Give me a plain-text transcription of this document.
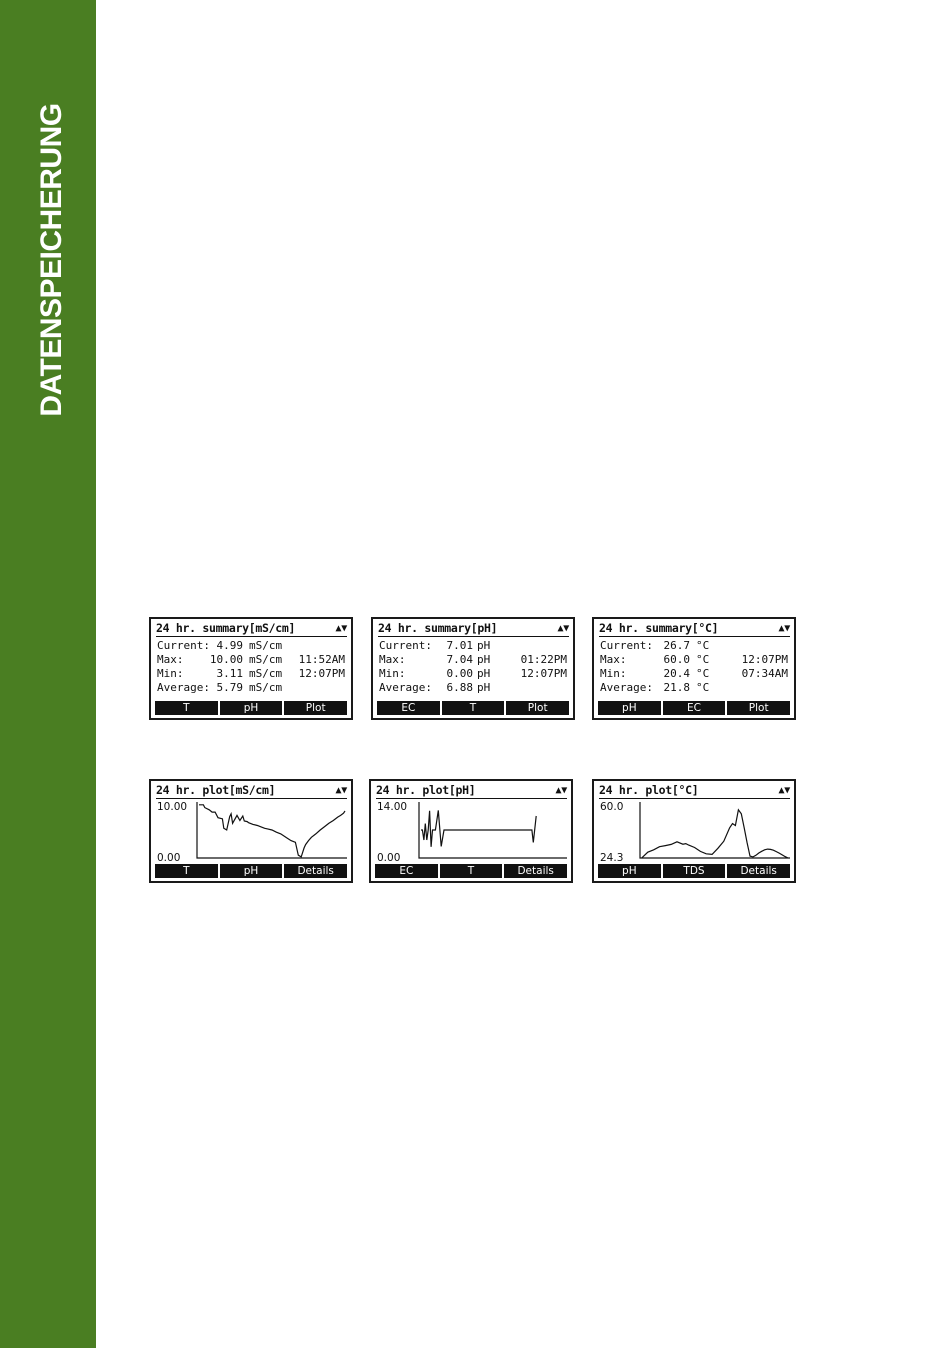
DATENSPEICHERUNG
24 hr. summary[mS/cm]	▲▼
Current: 4.99 mS/cm
Max:	10.00 mS/cm 11:52AM
Min:	3.11 mS/cm 12:07PM
Average: 5.79 mS/cm
T	pH	Plot
24 hr. summary[pH]	▲▼
Current:	7.01 pH
Max:	7.04 pH	01:22PM
Min:	0.00 pH	12:07PM
Average:	6.88 pH
EC	T	Plot
24 hr. summary[°C]	▲▼
Current: 26.7 °C
Max:	60.0 °C	12:07PM
Min:	20.4 °C	07:34AM
Average: 21.8 °C
pH	EC	Plot
24 hr. plot[mS/cm]	▲▼
10.00
0.00
T	pH	Details
24 hr. plot[pH]	▲▼
14.00
0.00
EC	T	Details
24 hr. plot[°C]	▲▼
60.0
24.3
pH	TDS	Details
